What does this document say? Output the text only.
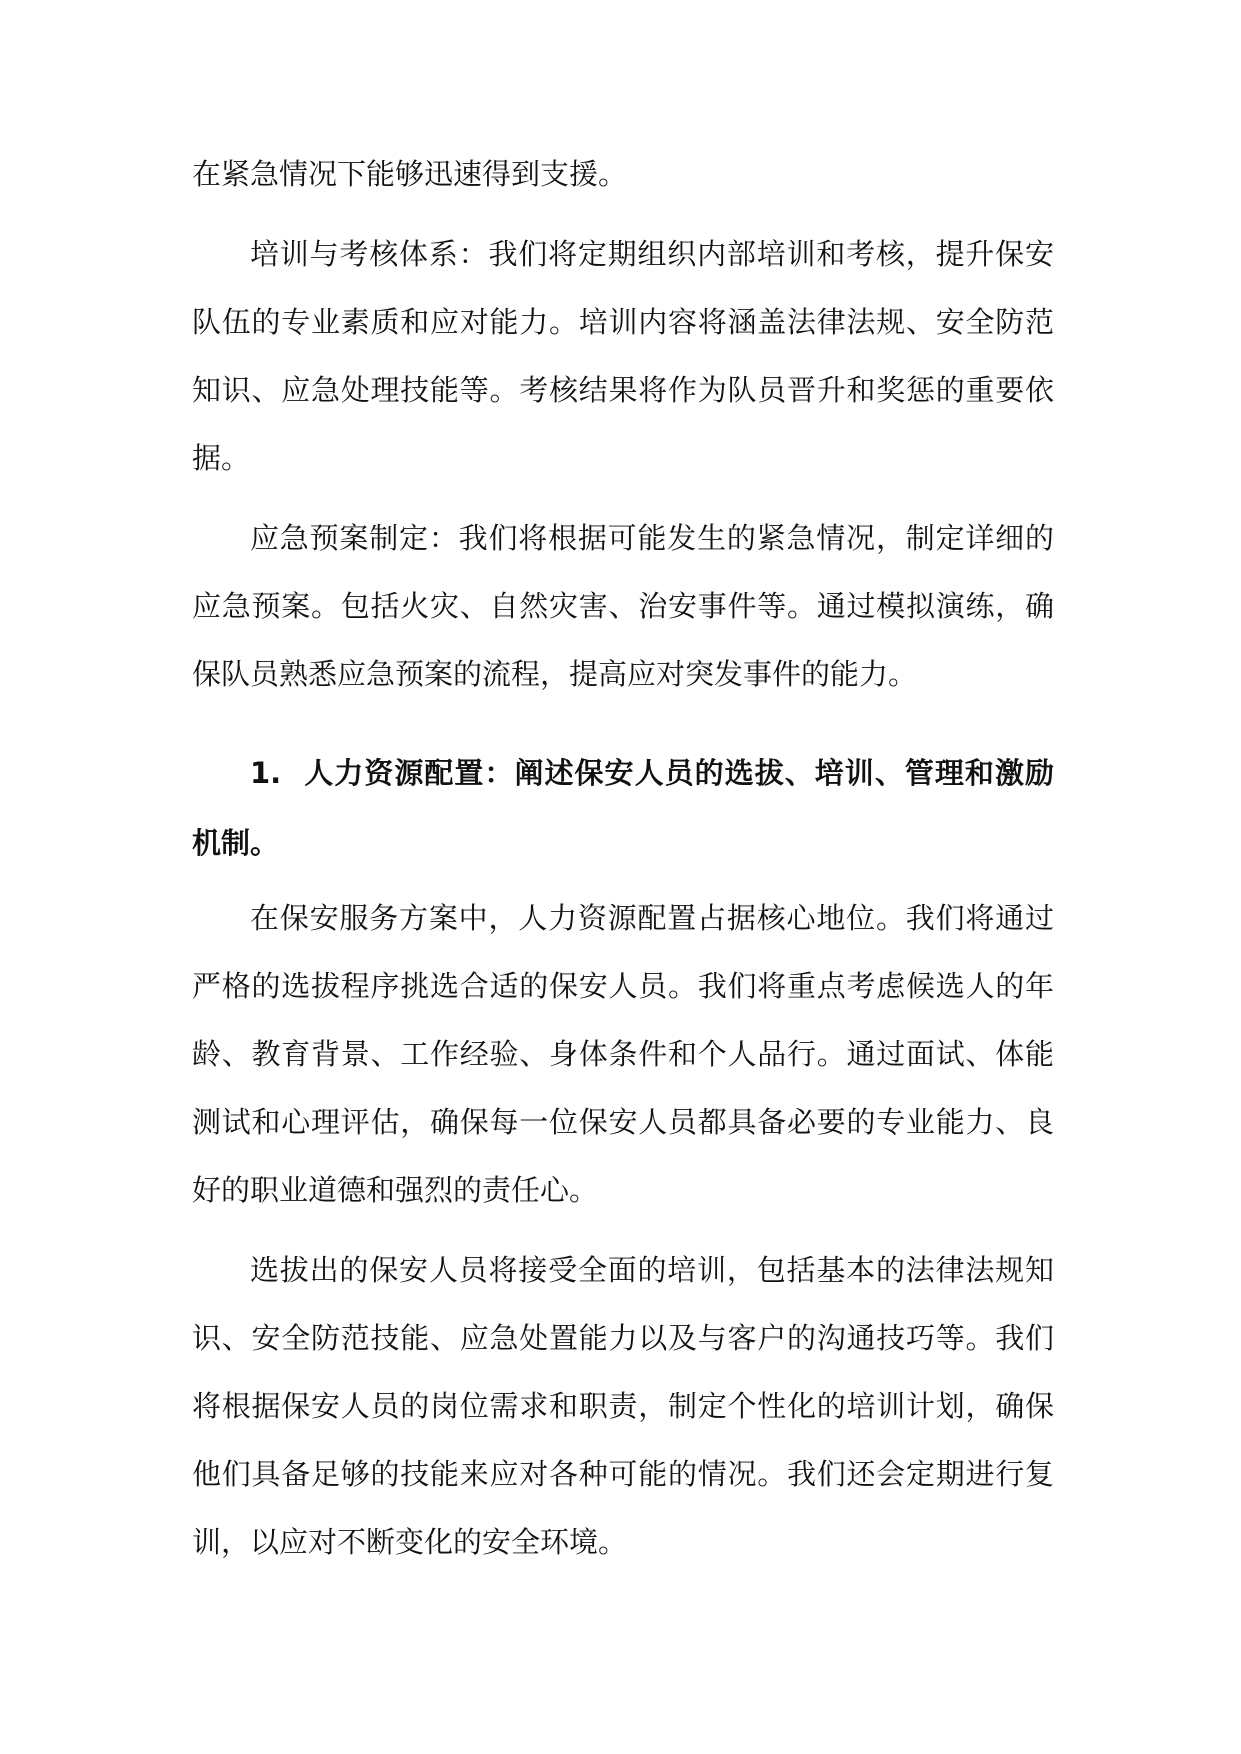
在紧急情况下能够迅速得到支援。

培训与考核体系：我们将定期组织内部培训和考核，提升保安队伍的专业素质和应对能力。培训内容将涵盖法律法规、安全防范知识、应急处理技能等。考核结果将作为队员晋升和奖惩的重要依据。

应急预案制定：我们将根据可能发生的紧急情况，制定详细的应急预案。包括火灾、自然灾害、治安事件等。通过模拟演练，确保队员熟悉应急预案的流程，提高应对突发事件的能力。

1. 人力资源配置：阐述保安人员的选拔、培训、管理和激励机制。

在保安服务方案中，人力资源配置占据核心地位。我们将通过严格的选拔程序挑选合适的保安人员。我们将重点考虑候选人的年龄、教育背景、工作经验、身体条件和个人品行。通过面试、体能测试和心理评估，确保每一位保安人员都具备必要的专业能力、良好的职业道德和强烈的责任心。

选拔出的保安人员将接受全面的培训，包括基本的法律法规知识、安全防范技能、应急处置能力以及与客户的沟通技巧等。我们将根据保安人员的岗位需求和职责，制定个性化的培训计划，确保他们具备足够的技能来应对各种可能的情况。我们还会定期进行复训，以应对不断变化的安全环境。
